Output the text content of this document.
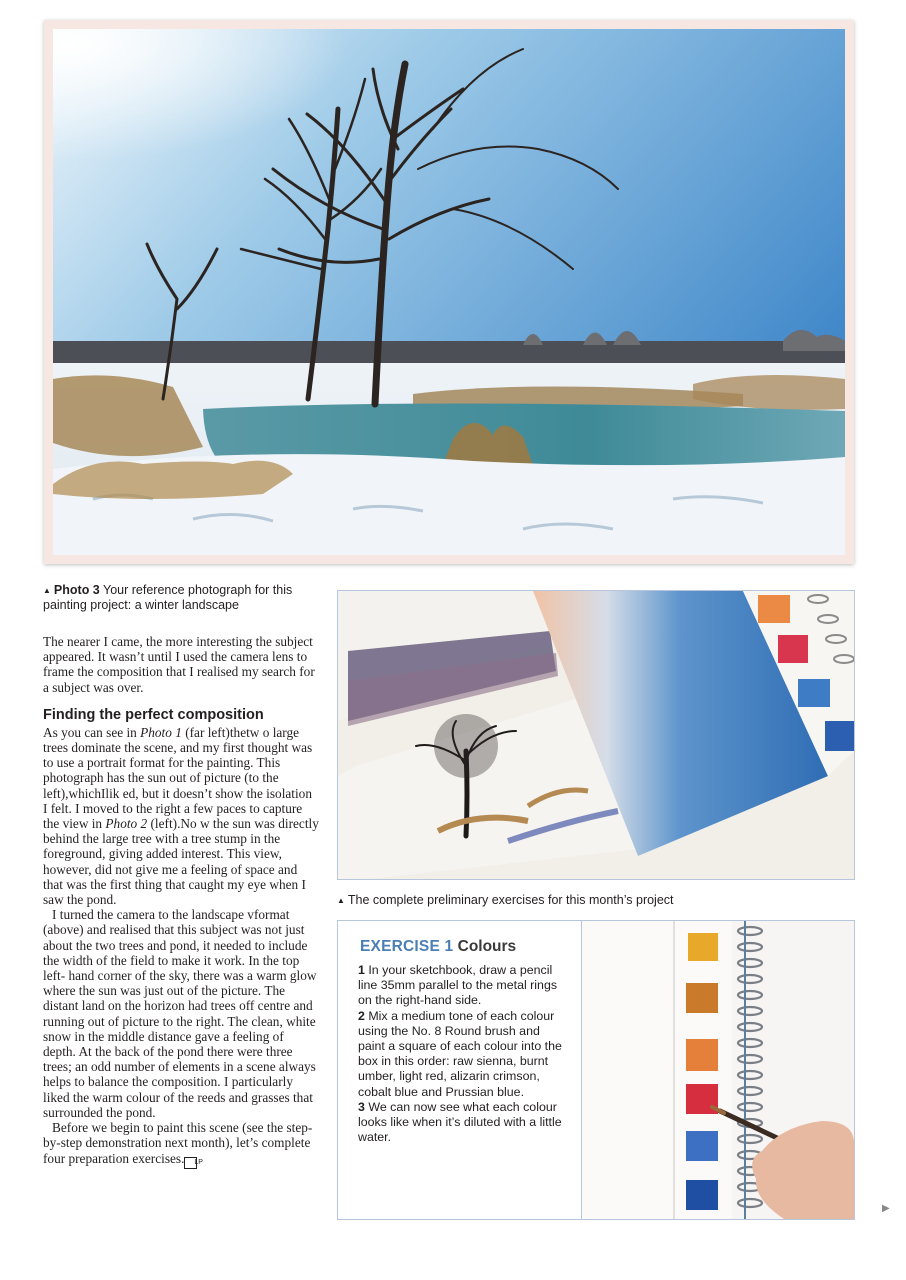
▲ Photo 3 Your reference photograph for this painting project: a winter landscape

The nearer I came, the more interesting the subject appeared. It wasn’t until I used the camera lens to frame the composition that I realised my search for a subject was over.

Finding the perfect composition

As you can see in Photo 1 (far left)thetw o large trees dominate the scene, and my first thought was to use a portrait format for the painting. This photograph has the sun out of picture (to the left),whichIlik ed, but it doesn’t show the isolation I felt. I moved to the right a few paces to capture the view in Photo 2 (left).No w the sun was directly behind the large tree with a tree stump in the foreground, giving added interest. This view, however, did not give me a feeling of space and that was the first thing that caught my eye when I saw the pond.

I turned the camera to the landscape vformat (above) and realised that this subject was not just about the two trees and pond, it needed to include the width of the field to make it work. In the top left- hand corner of the sky, there was a warm glow where the sun was just out of the picture. The distant land on the horizon had trees off centre and running out of picture to the right. The clean, white snow in the middle distance gave a feeling of depth. At the back of the pond there were three trees; an odd number of elements in a scene always helps to balance the composition. I particularly liked the warm colour of the reeds and grasses that surrounded the pond.

Before we begin to paint this scene (see the step-by-step demonstration next month), let’s complete four preparation exercises. LP

▲ The complete preliminary exercises for this month’s project
EXERCISE 1 Colours

1 In your sketchbook, draw a pencil line 35mm parallel to the metal rings on the right-hand side.

2 Mix a medium tone of each colour using the No. 8 Round brush and paint a square of each colour into the box in this order: raw sienna, burnt umber, light red, alizarin crimson, cobalt blue and Prussian blue.

3 We can now see what each colour looks like when it’s diluted with a little water.

▶
